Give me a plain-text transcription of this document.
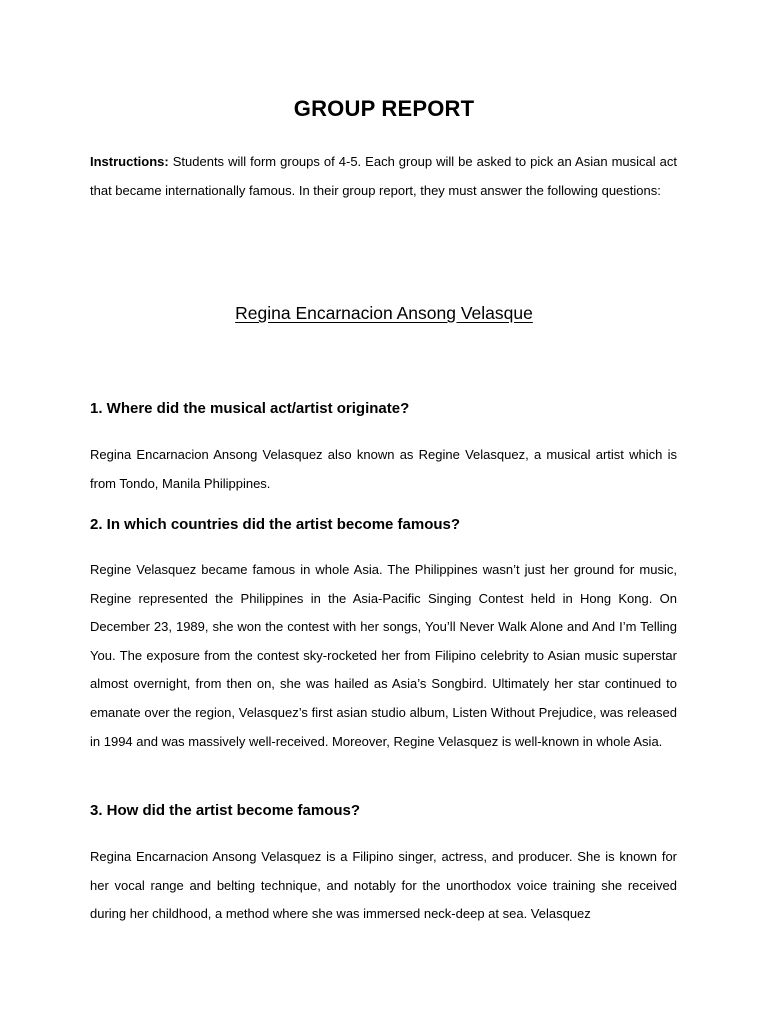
GROUP REPORT

Instructions: Students will form groups of 4-5. Each group will be asked to pick an Asian musical act that became internationally famous. In their group report, they must answer the following questions:

Regina Encarnacion Ansong Velasque

1. Where did the musical act/artist originate?

Regina Encarnacion Ansong Velasquez also known as Regine Velasquez, a musical artist which is from Tondo, Manila Philippines.

2. In which countries did the artist become famous?

Regine Velasquez became famous in whole Asia. The Philippines wasn’t just her ground for music, Regine represented the Philippines in the Asia-Pacific Singing Contest held in Hong Kong. On December 23, 1989, she won the contest with her songs, You’ll Never Walk Alone and And I’m Telling You. The exposure from the contest sky-rocketed her from Filipino celebrity to Asian music superstar almost overnight, from then on, she was hailed as Asia’s Songbird. Ultimately her star continued to emanate over the region, Velasquez’s first asian studio album, Listen Without Prejudice, was released in 1994 and was massively well-received. Moreover, Regine Velasquez is well-known in whole Asia.

3. How did the artist become famous?

Regina Encarnacion Ansong Velasquez is a Filipino singer, actress, and producer. She is known for her vocal range and belting technique, and notably for the unorthodox voice training she received during her childhood, a method where she was immersed neck-deep at sea. Velasquez
